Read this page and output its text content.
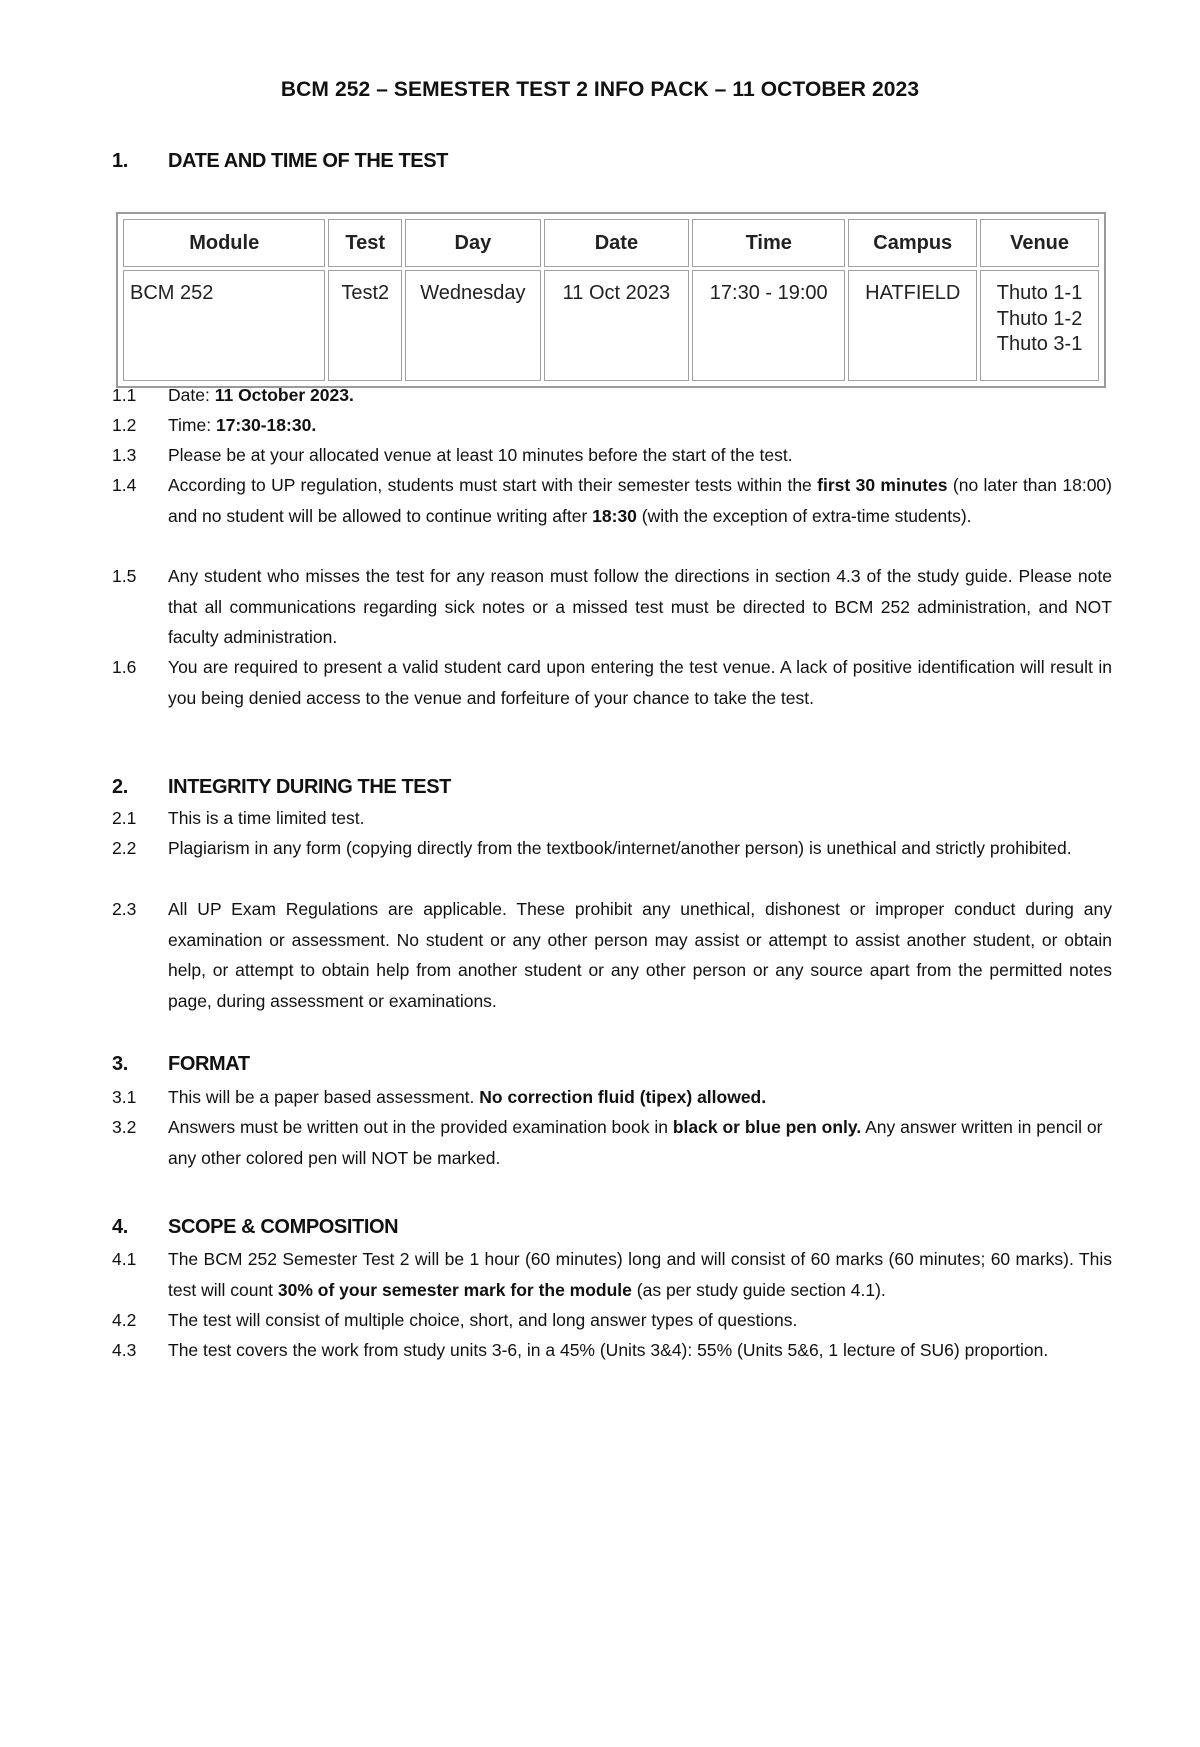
BCM 252 – SEMESTER TEST 2 INFO PACK – 11 OCTOBER 2023
1. DATE AND TIME OF THE TEST
Module	Test	Day	Date	Time	Campus	Venue
BCM 252	Test2	Wednesday	11 Oct 2023	17:30 - 19:00	HATFIELD	Thuto 1-1
Thuto 1-2
Thuto 3-1
1.1	Date: 11 October 2023.
1.2	Time: 17:30-18:30.
1.3	Please be at your allocated venue at least 10 minutes before the start of the test.
1.4	According to UP regulation, students must start with their semester tests within the first 30 minutes (no later than 18:00) and no student will be allowed to continue writing after 18:30 (with the exception of extra-time students).
1.5	Any student who misses the test for any reason must follow the directions in section 4.3 of the study guide. Please note that all communications regarding sick notes or a missed test must be directed to BCM 252 administration, and NOT faculty administration.
1.6	You are required to present a valid student card upon entering the test venue. A lack of positive identification will result in you being denied access to the venue and forfeiture of your chance to take the test.
2. INTEGRITY DURING THE TEST
2.1	This is a time limited test.
2.2	Plagiarism in any form (copying directly from the textbook/internet/another person) is unethical and strictly prohibited.
2.3	All UP Exam Regulations are applicable. These prohibit any unethical, dishonest or improper conduct during any examination or assessment. No student or any other person may assist or attempt to assist another student, or obtain help, or attempt to obtain help from another student or any other person or any source apart from the permitted notes page, during assessment or examinations.
3. FORMAT
3.1	This will be a paper based assessment. No correction fluid (tipex) allowed.
3.2	Answers must be written out in the provided examination book in black or blue pen only. Any answer written in pencil or any other colored pen will NOT be marked.
4. SCOPE & COMPOSITION
4.1	The BCM 252 Semester Test 2 will be 1 hour (60 minutes) long and will consist of 60 marks (60 minutes; 60 marks). This test will count 30% of your semester mark for the module (as per study guide section 4.1).
4.2	The test will consist of multiple choice, short, and long answer types of questions.
4.3	The test covers the work from study units 3-6, in a 45% (Units 3&4): 55% (Units 5&6, 1 lecture of SU6) proportion.
